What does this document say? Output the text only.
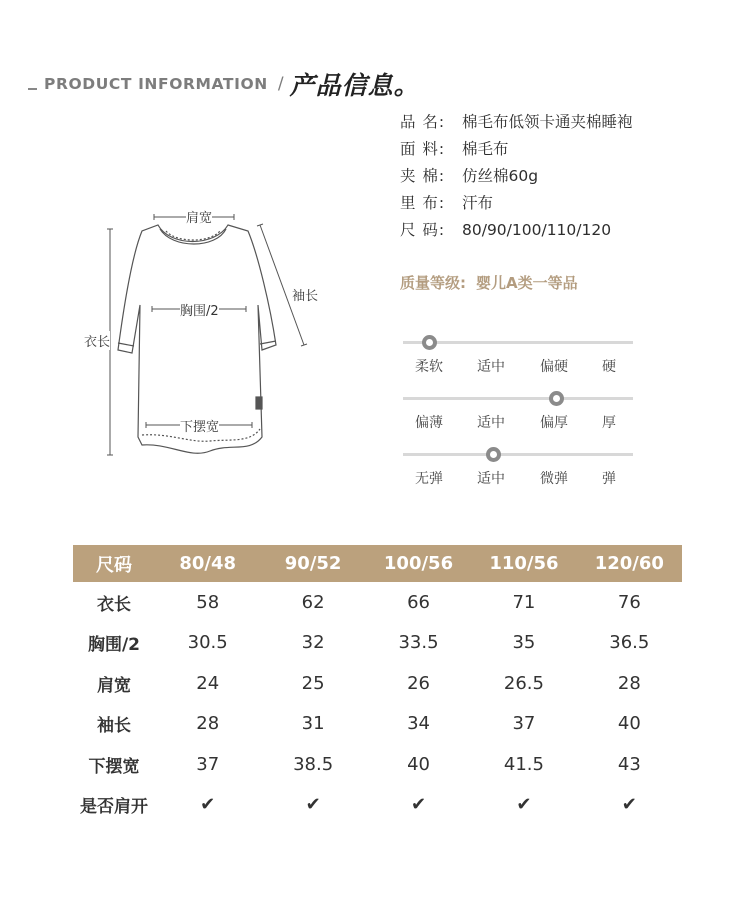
PRODUCT INFORMATION / 产品信息。
品 名: 棉毛布低领卡通夹棉睡袍
面 料: 棉毛布
夹 棉: 仿丝棉60g
里 布: 汗布
尺 码: 80/90/100/110/120
质量等级: 婴儿A类一等品
柔软 适中	偏硬 硬
偏薄 适中	偏厚 厚
无弹 适中	微弹 弹
肩宽
胸围/2
袖长
衣长
下摆宽
尺码	80/48	90/52	100/56	110/56	120/60
衣长	58	62	66	71	76
胸围/2	30.5	32	33.5	35	36.5
肩宽	24	25	26	26.5	28
袖长	28	31	34	37	40
下摆宽	37	38.5	40	41.5	43
是否肩开	✔	✔	✔	✔	✔
